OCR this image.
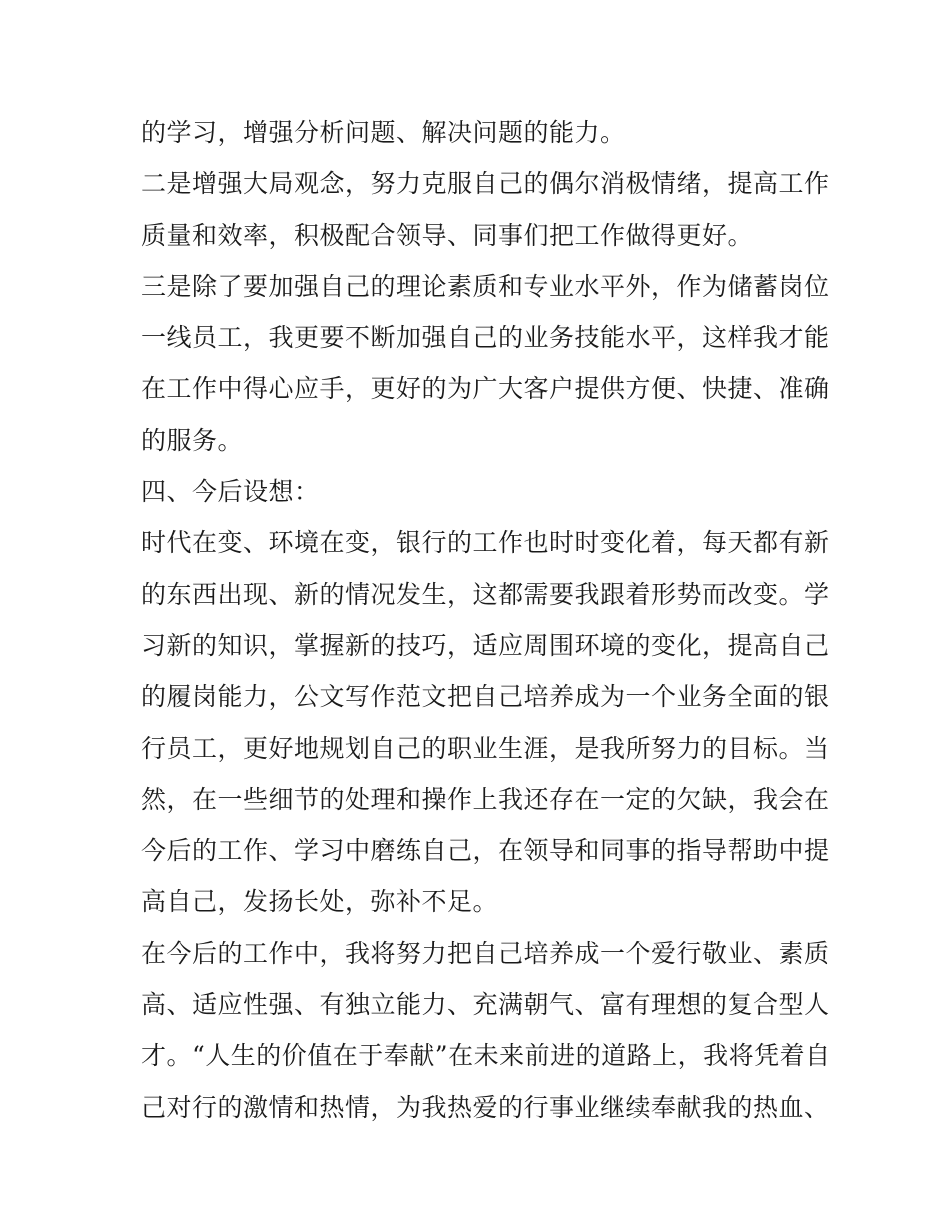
的学习，增强分析问题、解决问题的能力。
二是增强大局观念，努力克服自己的偶尔消极情绪，提高工作
质量和效率，积极配合领导、同事们把工作做得更好。
三是除了要加强自己的理论素质和专业水平外，作为储蓄岗位
一线员工，我更要不断加强自己的业务技能水平，这样我才能
在工作中得心应手，更好的为广大客户提供方便、快捷、准确
的服务。
四、今后设想：
时代在变、环境在变，银行的工作也时时变化着，每天都有新
的东西出现、新的情况发生，这都需要我跟着形势而改变。学
习新的知识，掌握新的技巧，适应周围环境的变化，提高自己
的履岗能力，公文写作范文把自己培养成为一个业务全面的银
行员工，更好地规划自己的职业生涯，是我所努力的目标。当
然，在一些细节的处理和操作上我还存在一定的欠缺，我会在
今后的工作、学习中磨练自己，在领导和同事的指导帮助中提
高自己，发扬长处，弥补不足。
在今后的工作中，我将努力把自己培养成一个爱行敬业、素质
高、适应性强、有独立能力、充满朝气、富有理想的复合型人
才。“人生的价值在于奉献”在未来前进的道路上，我将凭着自
己对行的激情和热情，为我热爱的行事业继续奉献我的热血、
